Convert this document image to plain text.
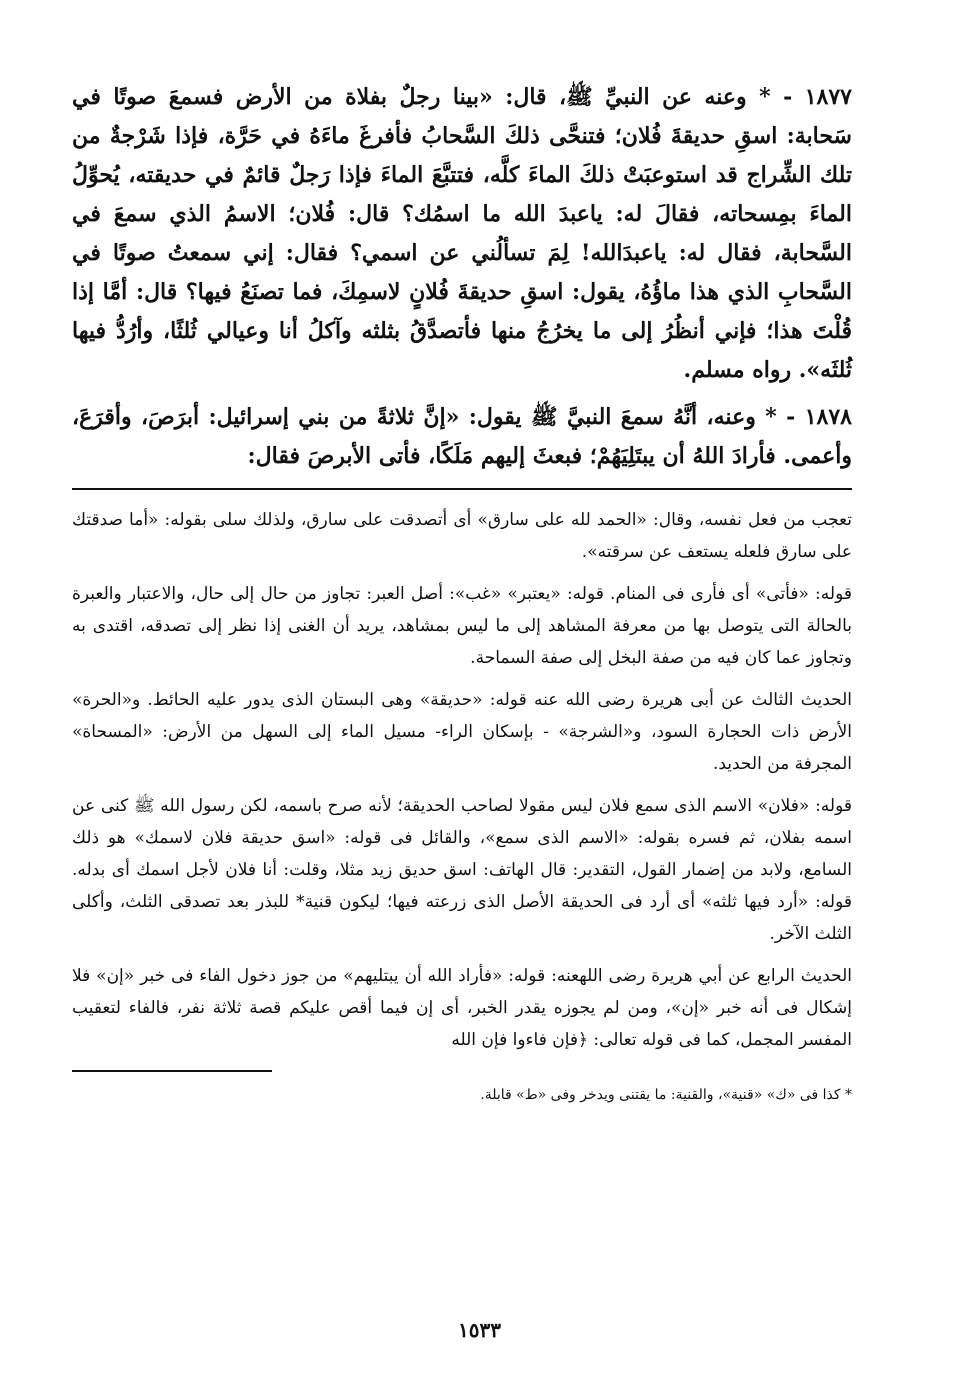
١٨٧٧ - * وعنه عن النبيِّ ﷺ، قال: «بينا رجلٌ بفلاة من الأرض فسمعَ صوتًا في سَحابة: اسقِ حديقةَ فُلان؛ فتنحَّى ذلكَ السَّحابُ فأفرغَ ماءَهُ في حَرَّة، فإذا شَرْجةٌ من تلك الشِّراج قد استوعبَتْ ذلكَ الماءَ كلَّه، فتتبَّعَ الماءَ فإذا رَجلٌ قائمٌ في حديقته، يُحوِّلُ الماءَ بمِسحاته، فقالَ له: ياعبدَ الله ما اسمُك؟ قال: فُلان؛ الاسمُ الذي سمعَ في السَّحابة، فقال له: ياعبدَالله! لِمَ تسألُني عن اسمي؟ فقال: إني سمعتُ صوتًا في السَّحابِ الذي هذا ماؤُهُ، يقول: اسقِ حديقةَ فُلانٍ لاسمِكَ، فما تصنَعُ فيها؟ قال: أمَّا إذا قُلْتَ هذا؛ فإني أنظُرُ إلى ما يخرُجُ منها فأتصدَّقُ بثلثه وآكلُ أنا وعيالي ثُلثًا، وأرُدُّ فيها ثُلثَه». رواه مسلم.

١٨٧٨ - * وعنه، أنَّهُ سمعَ النبيَّ ﷺ يقول: «إنَّ ثلاثةً من بني إسرائيل: أبرَصَ، وأقرَعَ، وأعمى. فأرادَ اللهُ أن يبتَلِيَهُمْ؛ فبعثَ إليهم مَلَكًا، فأتى الأبرصَ فقال:

تعجب من فعل نفسه، وقال: «الحمد لله على سارق» أى أتصدقت على سارق، ولذلك سلى بقوله: «أما صدقتك على سارق فلعله يستعف عن سرقته».

قوله: «فأتى» أى فأرى فى المنام. قوله: «يعتبر» «غب»: أصل العبر: تجاوز من حال إلى حال، والاعتبار والعبرة بالحالة التى يتوصل بها من معرفة المشاهد إلى ما ليس بمشاهد، يريد أن الغنى إذا نظر إلى تصدقه، اقتدى به وتجاوز عما كان فيه من صفة البخل إلى صفة السماحة.

الحديث الثالث عن أبى هريرة رضى الله عنه قوله: «حديقة» وهى البستان الذى يدور عليه الحائط. و«الحرة» الأرض ذات الحجارة السود، و«الشرجة» - بإسكان الراء- مسيل الماء إلى السهل من الأرض: «المسحاة» المجرفة من الحديد.

قوله: «فلان» الاسم الذى سمع فلان ليس مقولا لصاحب الحديقة؛ لأنه صرح باسمه، لكن رسول الله ﷺ كنى عن اسمه بفلان، ثم فسره بقوله: «الاسم الذى سمع»، والقائل فى قوله: «اسق حديقة فلان لاسمك» هو ذلك السامع، ولابد من إضمار القول، التقدير: قال الهاتف: اسق حديق زيد مثلا، وقلت: أنا فلان لأجل اسمك أى بدله. قوله: «أرد فيها ثلثه» أى أرد فى الحديقة الأصل الذى زرعته فيها؛ ليكون قنية* للبذر بعد تصدقى الثلث، وأكلى الثلث الآخر.

الحديث الرابع عن أبي هريرة رضى اللهعنه: قوله: «فأراد الله أن يبتليهم» من جوز دخول الفاء فى خبر «إن» فلا إشكال فى أنه خبر «إن»، ومن لم يجوزه يقدر الخبر، أى إن فيما أقص عليكم قصة ثلاثة نفر، فالفاء لتعقيب المفسر المجمل، كما فى قوله تعالى: ﴿فإن فاءوا فإن الله

* كذا فى «ك» «قنية»، والقنية: ما يقتنى ويدخر وفى «ط» قابلة.

١٥٣٣
